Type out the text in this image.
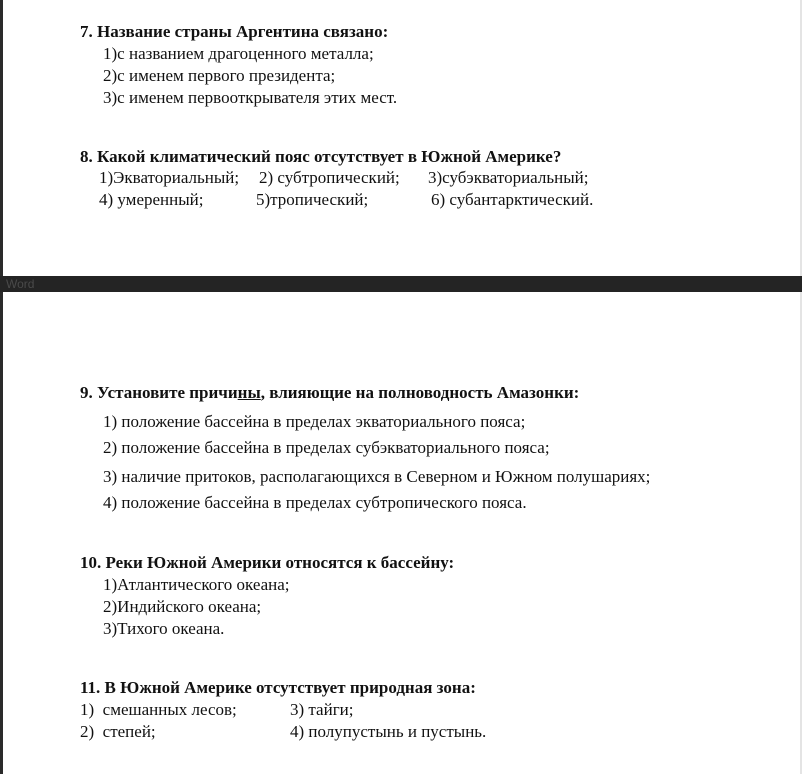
7. Название страны Аргентина связано:

1)с названием драгоценного металла;

2)с именем первого президента;

3)с именем первооткрывателя этих мест.

8. Какой климатический пояс отсутствует в Южной Америке?

1)Экваториальный; 2) субтропический; 3)субэкваториальный;

4) умеренный;	5)тропический;	6) субантарктический.

Word

9. Установите причины, влияющие на полноводность Амазонки:

1) положение бассейна в пределах экваториального пояса;

2) положение бассейна в пределах субэкваториального пояса;

3) наличие притоков, располагающихся в Северном и Южном полушариях;

4) положение бассейна в пределах субтропического пояса.

10. Реки Южной Америки относятся к бассейну:

1)Атлантического океана;

2)Индийского океана;

3)Тихого океана.

11. В Южной Америке отсутствует природная зона:

1)  смешанных лесов;	3) тайги;

2)  степей;	4) полупустынь и пустынь.
